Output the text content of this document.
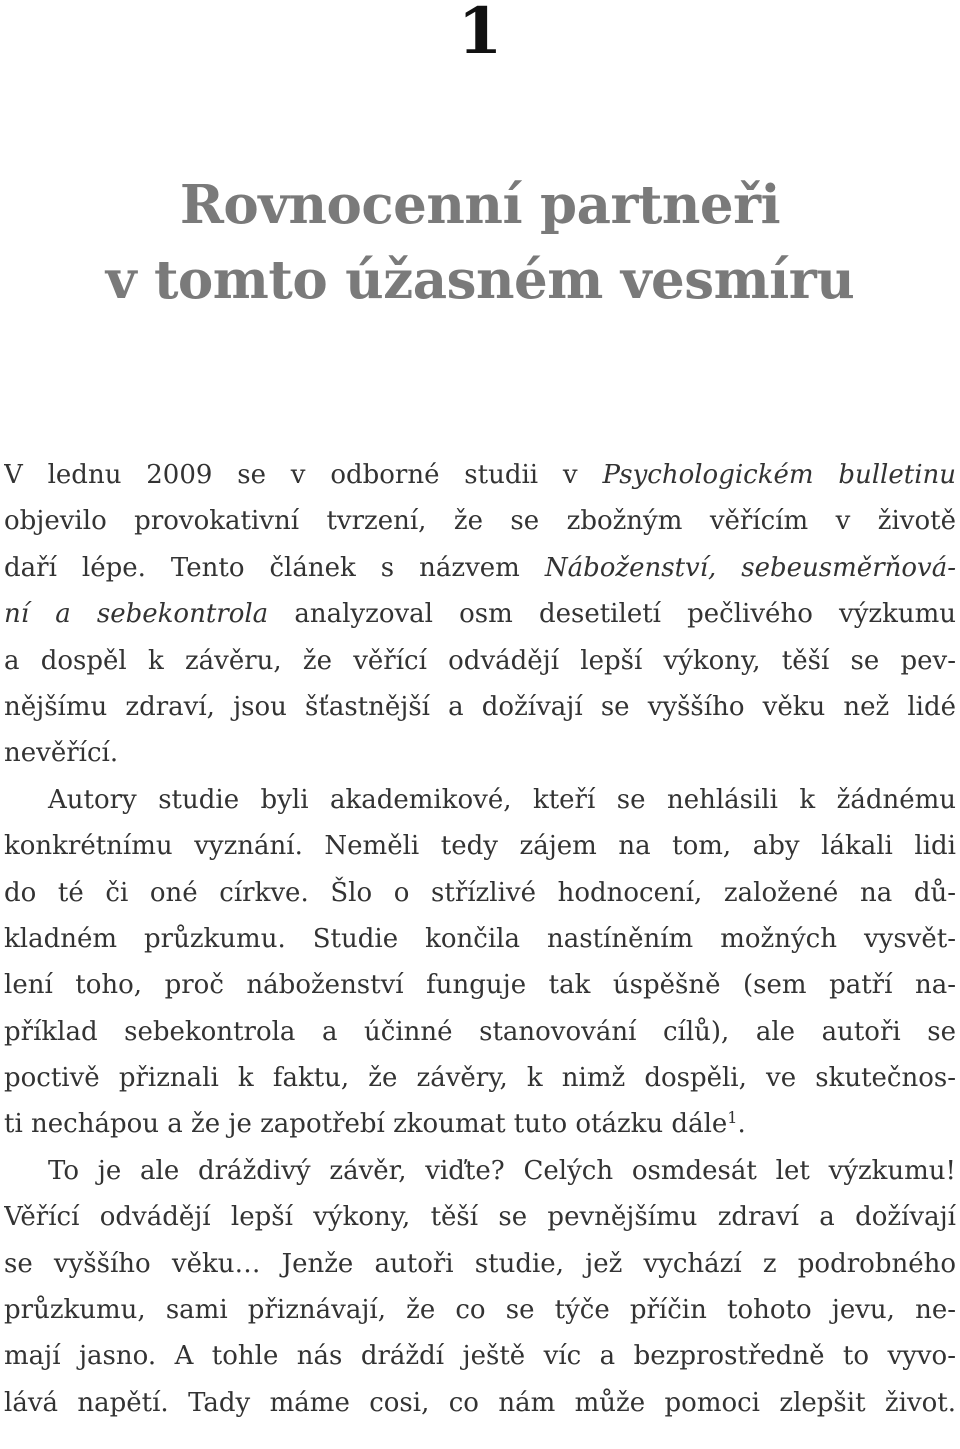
1
Rovnocenní partneři
v tomto úžasném vesmíru
V lednu 2009 se v odborné studii v Psychologickém bulletinu
objevilo provokativní tvrzení, že se zbožným věřícím v životě
daří lépe. Tento článek s názvem Náboženství, sebeusměrňová-
ní a sebekontrola analyzoval osm desetiletí pečlivého výzkumu
a dospěl k závěru, že věřící odvádějí lepší výkony, těší se pev-
nějšímu zdraví, jsou šťastnější a dožívají se vyššího věku než lidé
nevěřící.
Autory studie byli akademikové, kteří se nehlásili k žádnému
konkrétnímu vyznání. Neměli tedy zájem na tom, aby lákali lidi
do té či oné církve. Šlo o střízlivé hodnocení, založené na dů-
kladném průzkumu. Studie končila nastíněním možných vysvět-
lení toho, proč náboženství funguje tak úspěšně (sem patří na-
příklad sebekontrola a účinné stanovování cílů), ale autoři se
poctivě přiznali k faktu, že závěry, k nimž dospěli, ve skutečnos-
ti nechápou a že je zapotřebí zkoumat tuto otázku dále$^1$.
To je ale dráždivý závěr, viďte? Celých osmdesát let výzkumu!
Věřící odvádějí lepší výkony, těší se pevnějšímu zdraví a dožívají
se vyššího věku… Jenže autoři studie, jež vychází z podrobného
průzkumu, sami přiznávají, že co se týče příčin tohoto jevu, ne-
mají jasno. A tohle nás dráždí ještě víc a bezprostředně to vyvo-
lává napětí. Tady máme cosi, co nám může pomoci zlepšit život.
